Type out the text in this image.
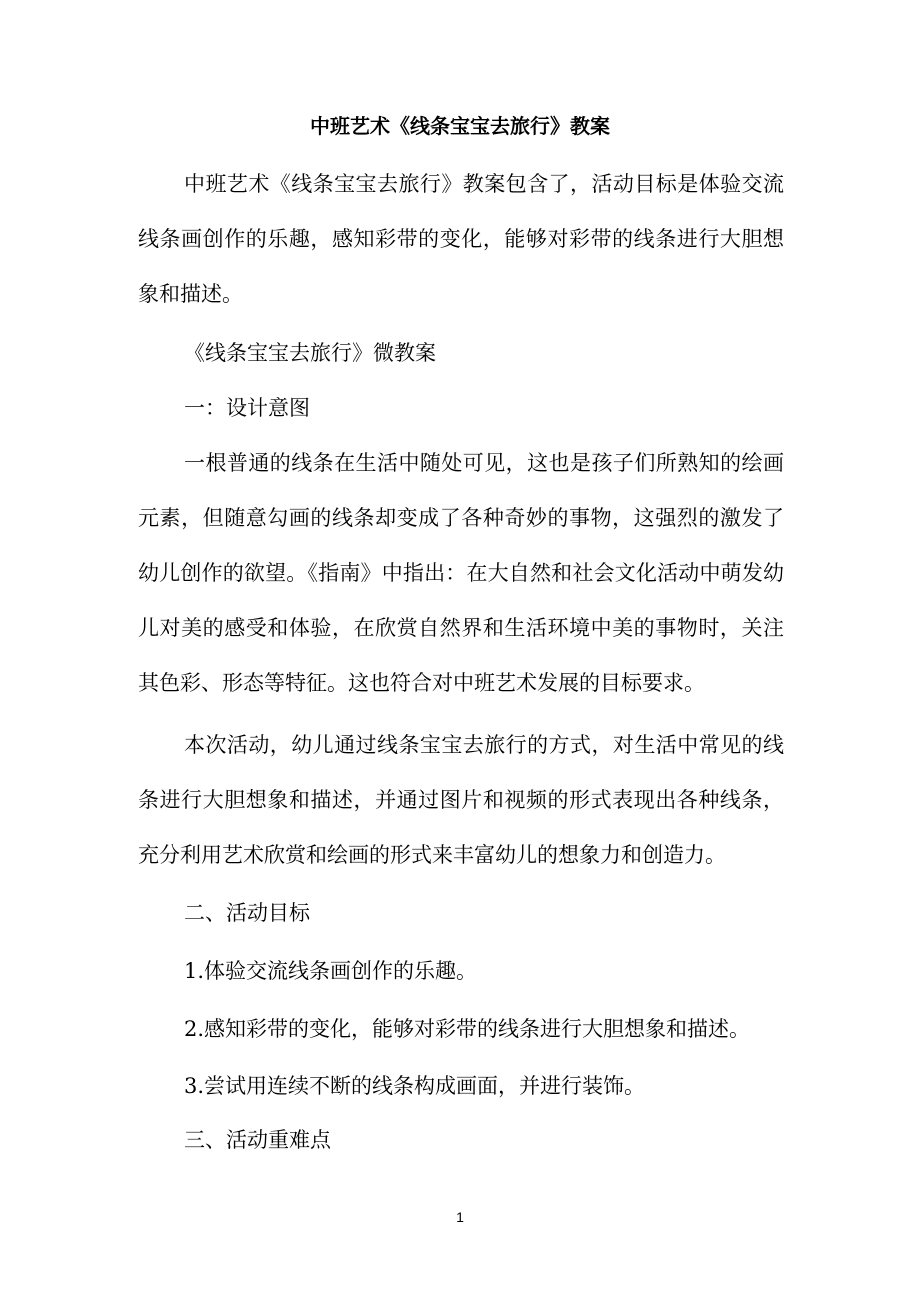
中班艺术《线条宝宝去旅行》教案

中班艺术《线条宝宝去旅行》教案包含了，活动目标是体验交流线条画创作的乐趣，感知彩带的变化，能够对彩带的线条进行大胆想象和描述。

《线条宝宝去旅行》微教案
一：设计意图

一根普通的线条在生活中随处可见，这也是孩子们所熟知的绘画元素，但随意勾画的线条却变成了各种奇妙的事物，这强烈的激发了幼儿创作的欲望。《指南》中指出：在大自然和社会文化活动中萌发幼儿对美的感受和体验，在欣赏自然界和生活环境中美的事物时，关注其色彩、形态等特征。这也符合对中班艺术发展的目标要求。

本次活动，幼儿通过线条宝宝去旅行的方式，对生活中常见的线条进行大胆想象和描述，并通过图片和视频的形式表现出各种线条，充分利用艺术欣赏和绘画的形式来丰富幼儿的想象力和创造力。

二、活动目标
1.体验交流线条画创作的乐趣。
2.感知彩带的变化，能够对彩带的线条进行大胆想象和描述。
3.尝试用连续不断的线条构成画面，并进行装饰。
三、活动重难点
1
